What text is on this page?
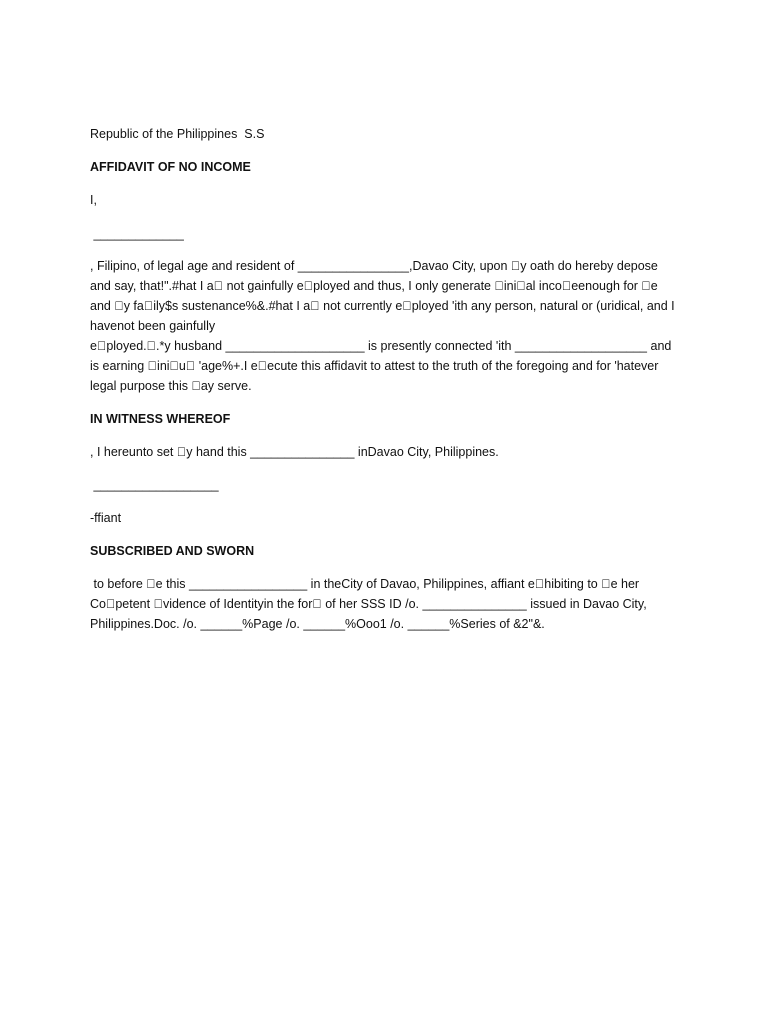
Republic of the Philippines  S.S
AFFIDAVIT OF NO INCOME
I,
_____________
, Filipino, of legal age and resident of ________________,Davao City, upon  y oath do hereby depose
and say, that!".#hat I a  not gainfully e ployed and thus, I only generate  ini al inco eenough for  e
and  y fa ily$s sustenance%&.#hat I a  not currently e ployed 'ith any person, natural or (uridical, and I
havenot been gainfully
e ployed. .*y husband ____________________ is presently connected 'ith ___________________ and
is earning  ini u  'age%+.I e ecute this affidavit to attest to the truth of the foregoing and for 'hatever
legal purpose this  ay serve.
IN WITNESS WHEREOF
, I hereunto set  y hand this _______________ inDavao City, Philippines.
__________________
-ffiant
SUBSCRIBED AND SWORN
to before  e this _________________ in theCity of Davao, Philippines, affiant e hibiting to  e her
Co petent  vidence of Identityin the for  of her SSS ID /o. _______________ issued in Davao City,
Philippines.Doc. /o. ______%Page /o. ______%Ooo1 /o. ______%Series of &2"&.
